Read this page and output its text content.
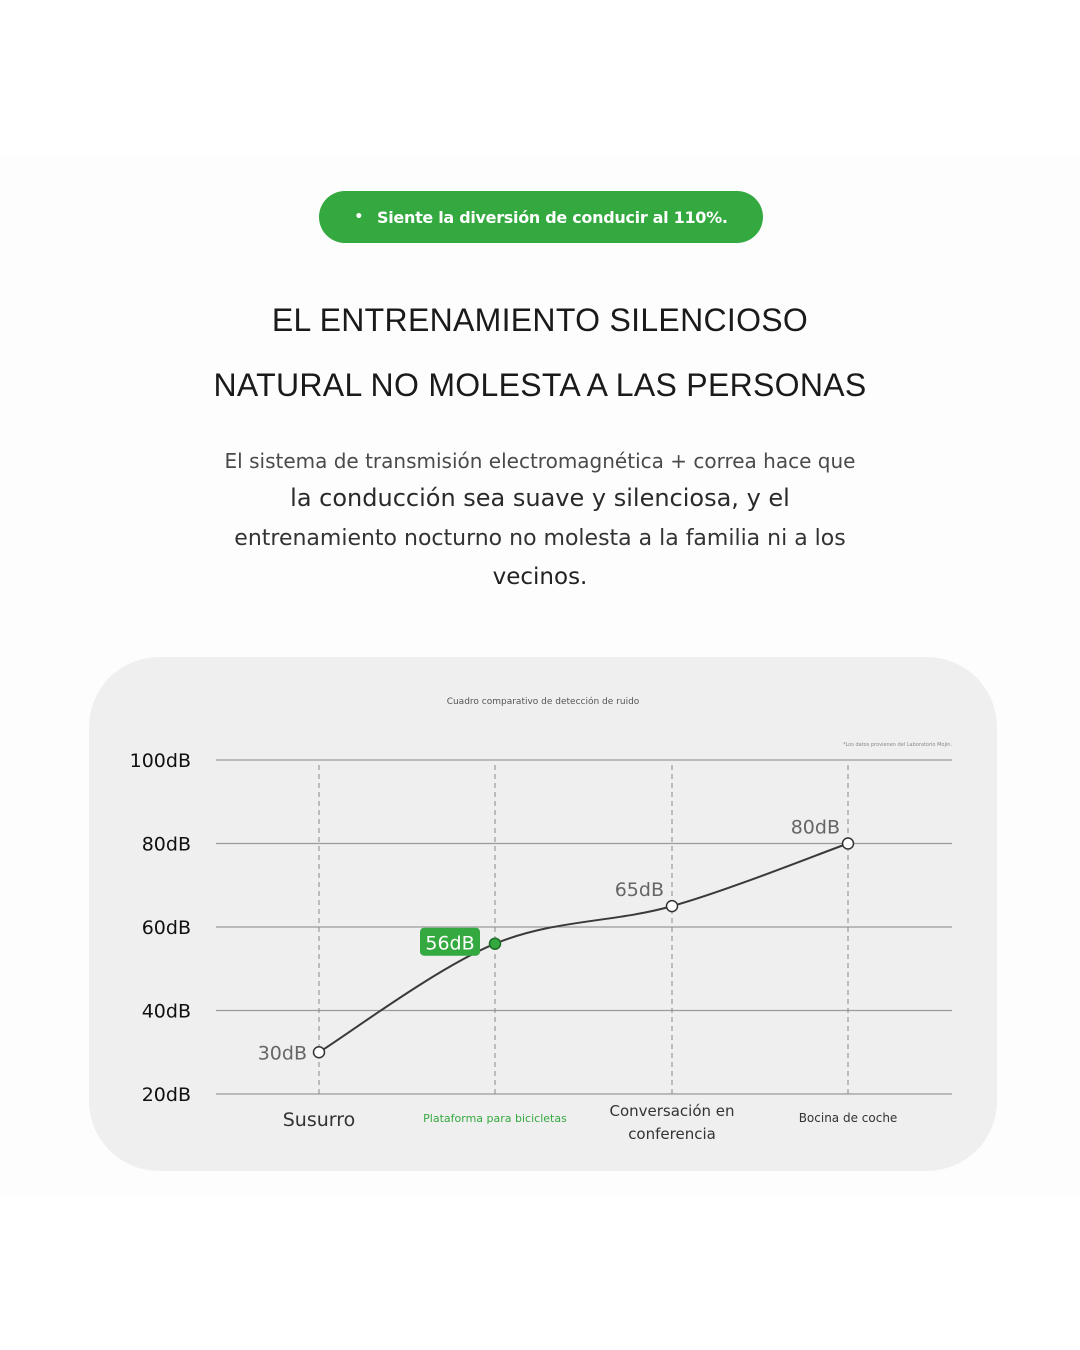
• Siente la diversión de conducir al 110%.
EL ENTRENAMIENTO SILENCIOSO
NATURAL NO MOLESTA A LAS PERSONAS
El sistema de transmisión electromagnética + correa hace que
la conducción sea suave y silenciosa, y el
entrenamiento nocturno no molesta a la familia ni a los
vecinos.
Cuadro comparativo de detección de ruido
*Los datos provienen del Laboratorio Mojin.
20dB
40dB
60dB
80dB
100dB
30dB
56dB
65dB
80dB
Susurro	Plataforma para bicicletas	Conversación en
conferencia
Bocina de coche
